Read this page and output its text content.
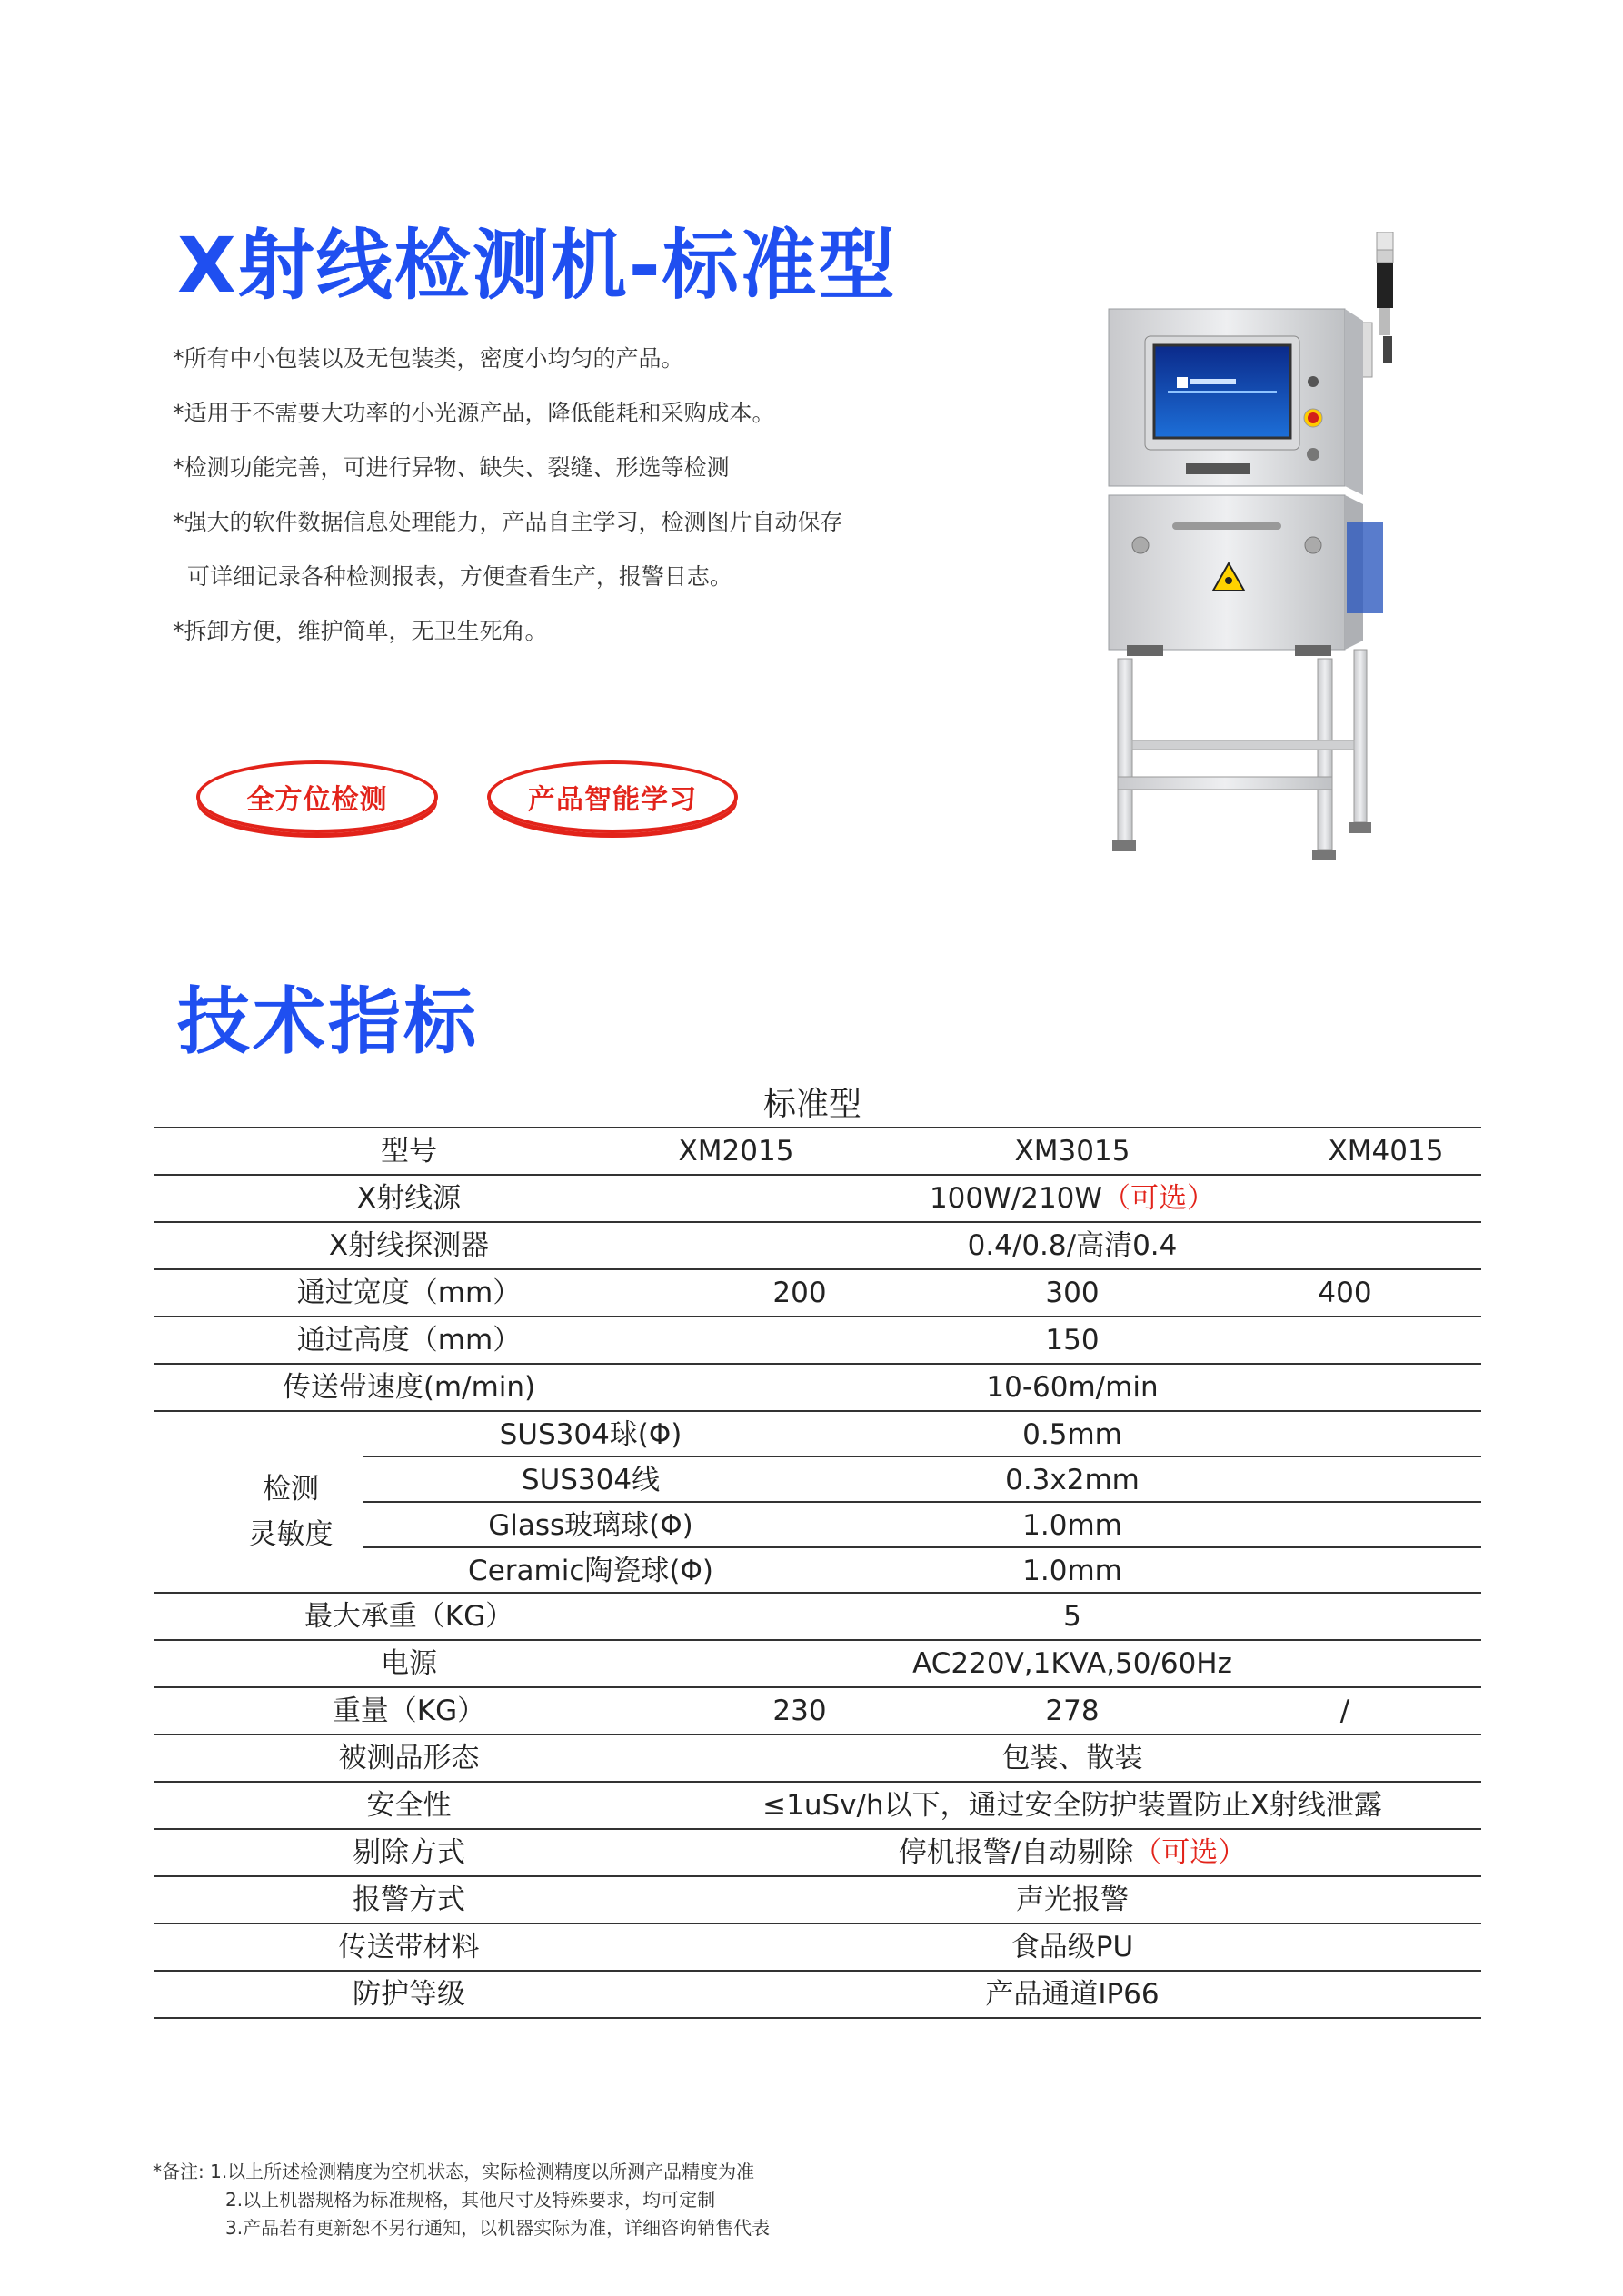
X射线检测机-标准型
*所有中小包装以及无包装类，密度小均匀的产品。
*适用于不需要大功率的小光源产品，降低能耗和采购成本。
*检测功能完善，可进行异物、缺失、裂缝、形选等检测
*强大的软件数据信息处理能力，产品自主学习，检测图片自动保存
可详细记录各种检测报表，方便查看生产，报警日志。
*拆卸方便，维护简单，无卫生死角。
全方位检测	产品智能学习
技术指标
标准型
型号	XM2015	XM3015	XM4015
X射线源	100W/210W（可选）
X射线探测器	0.4/0.8/高清0.4
通过宽度（mm）	200	300	400
通过高度（mm）	150
传送带速度(m/min)	10-60m/min
检测
灵敏度
SUS304球(Φ)	0.5mm
SUS304线	0.3x2mm
Glass玻璃球(Φ)	1.0mm
Ceramic陶瓷球(Φ)	1.0mm
最大承重（KG）	5
电源	AC220V,1KVA,50/60Hz
重量（KG）	230	278	/
被测品形态	包装、散装
安全性	≤1uSv/h以下，通过安全防护装置防止X射线泄露
剔除方式	停机报警/自动剔除（可选）
报警方式	声光报警
传送带材料	食品级PU
防护等级	产品通道IP66
*备注: 1.以上所述检测精度为空机状态，实际检测精度以所测产品精度为准
2.以上机器规格为标准规格，其他尺寸及特殊要求，均可定制
3.产品若有更新恕不另行通知，以机器实际为准，详细咨询销售代表
